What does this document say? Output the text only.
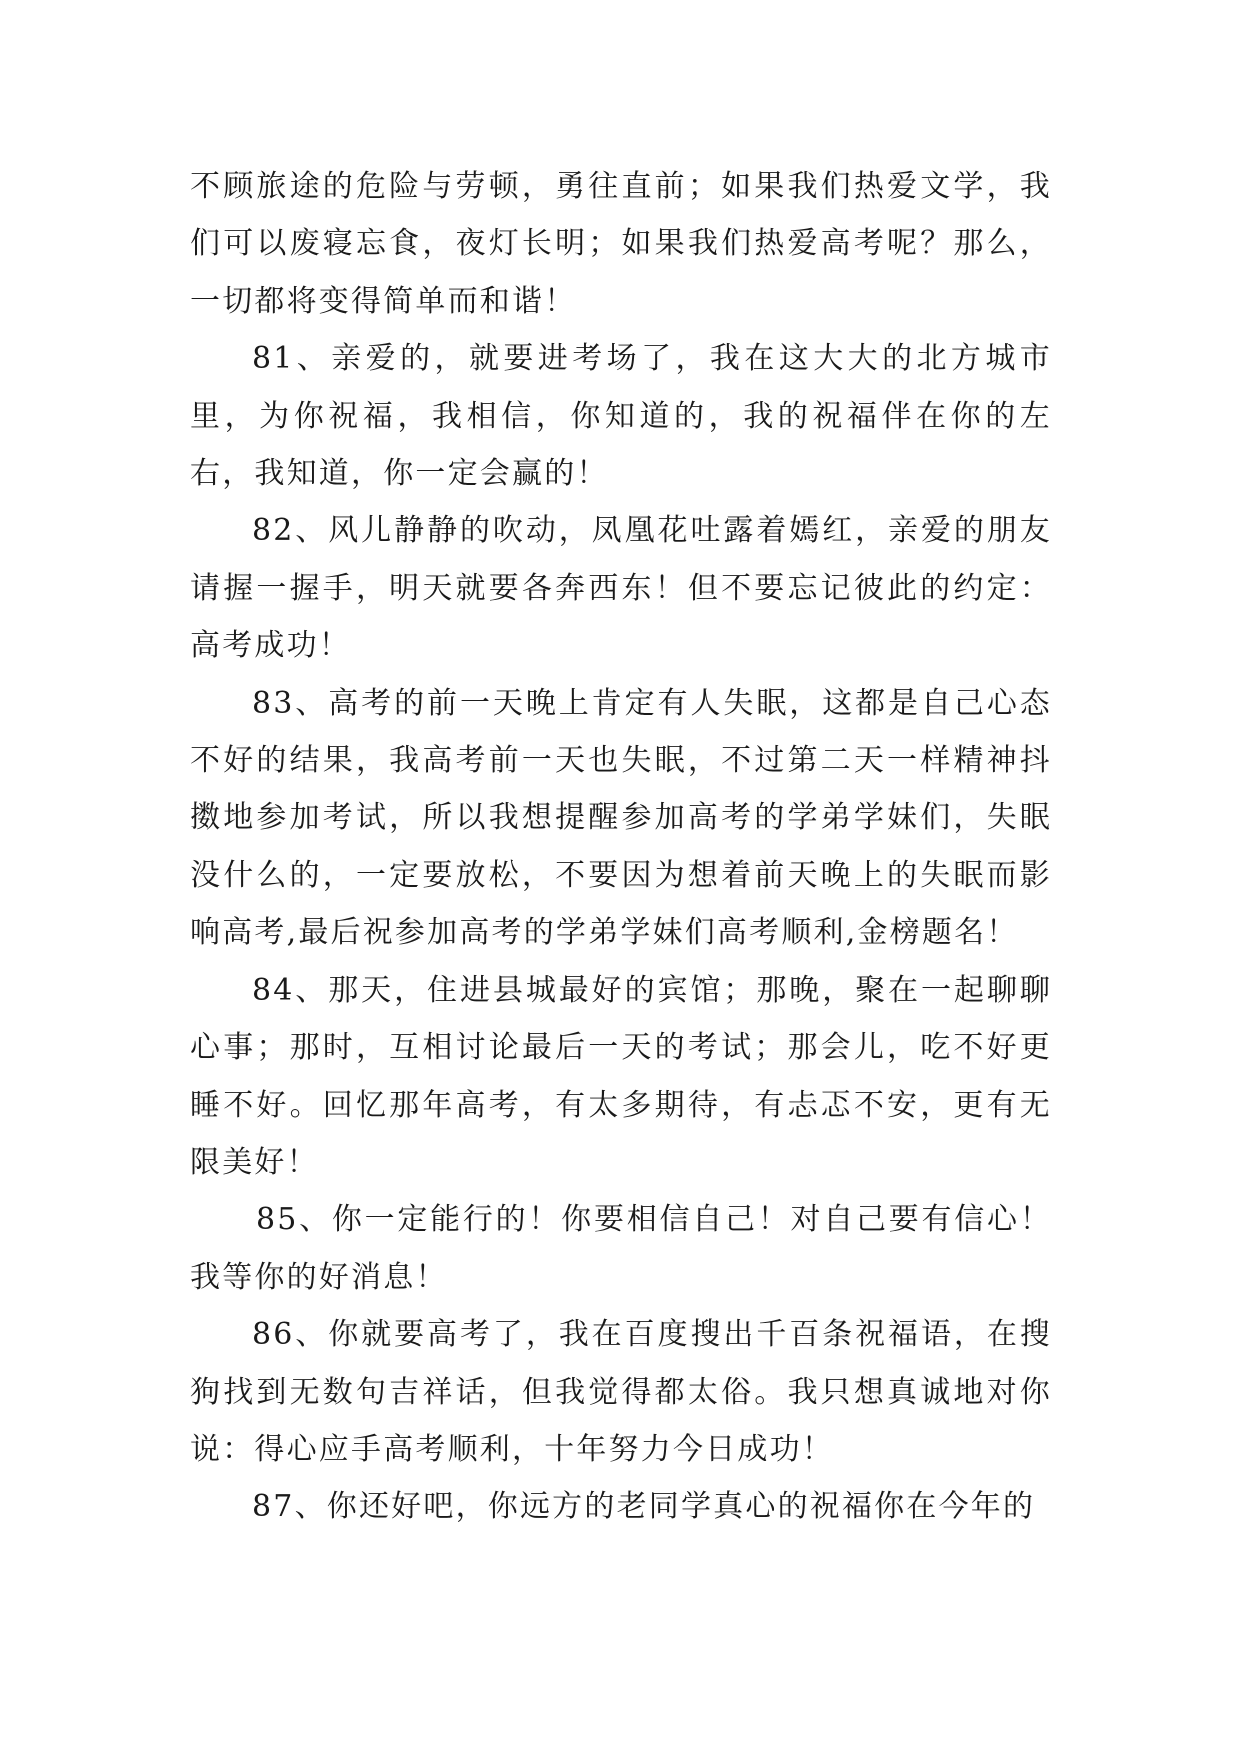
不顾旅途的危险与劳顿，勇往直前；如果我们热爱文学，我们可以废寝忘食，夜灯长明；如果我们热爱高考呢？那么，一切都将变得简单而和谐！

81、亲爱的，就要进考场了，我在这大大的北方城市里，为你祝福，我相信，你知道的，我的祝福伴在你的左右，我知道，你一定会赢的！

82、风儿静静的吹动，凤凰花吐露着嫣红，亲爱的朋友请握一握手，明天就要各奔西东！但不要忘记彼此的约定：高考成功！

83、高考的前一天晚上肯定有人失眠，这都是自己心态不好的结果，我高考前一天也失眠，不过第二天一样精神抖擞地参加考试，所以我想提醒参加高考的学弟学妹们，失眠没什么的，一定要放松，不要因为想着前天晚上的失眠而影响高考,最后祝参加高考的学弟学妹们高考顺利,金榜题名！

84、那天，住进县城最好的宾馆；那晚，聚在一起聊聊心事；那时，互相讨论最后一天的考试；那会儿，吃不好更睡不好。回忆那年高考，有太多期待，有忐忑不安，更有无限美好！

85、你一定能行的！你要相信自己！对自己要有信心！我等你的好消息！

86、你就要高考了，我在百度搜出千百条祝福语，在搜狗找到无数句吉祥话，但我觉得都太俗。我只想真诚地对你说：得心应手高考顺利，十年努力今日成功！

87、你还好吧，你远方的老同学真心的祝福你在今年的
